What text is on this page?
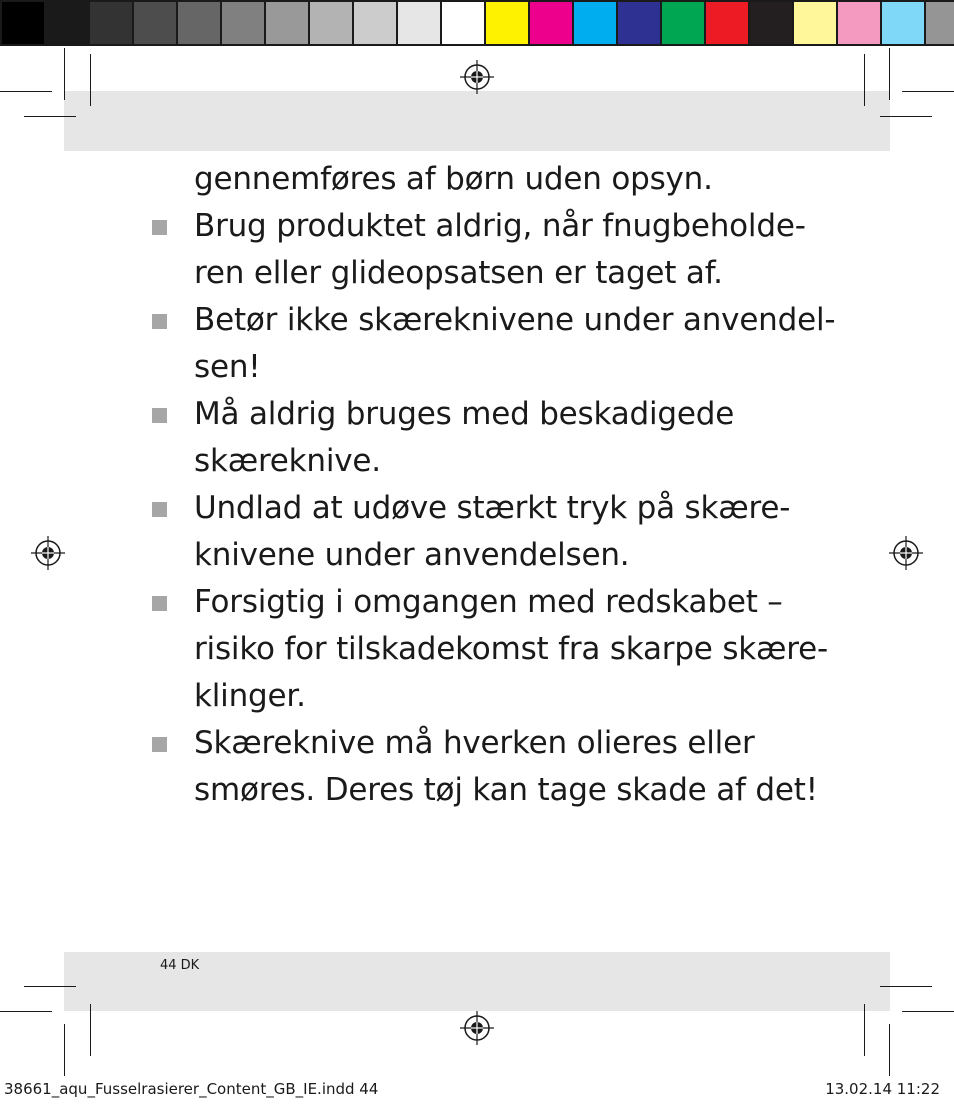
gennemføres af børn uden opsyn.

Brug produktet aldrig, når fnugbeholde-
ren eller glideopsatsen er taget af.
Betør ikke skæreknivene under anvendel-
sen!
Må aldrig bruges med beskadigede
skæreknive.
Undlad at udøve stærkt tryk på skære-
knivene under anvendelsen.
Forsigtig i omgangen med redskabet –
risiko for tilskadekomst fra skarpe skære-
klinger.
Skæreknive må hverken olieres eller
smøres. Deres tøj kan tage skade af det!
44 DK
38661_aqu_Fusselrasierer_Content_GB_IE.indd 44	13.02.14 11:22
